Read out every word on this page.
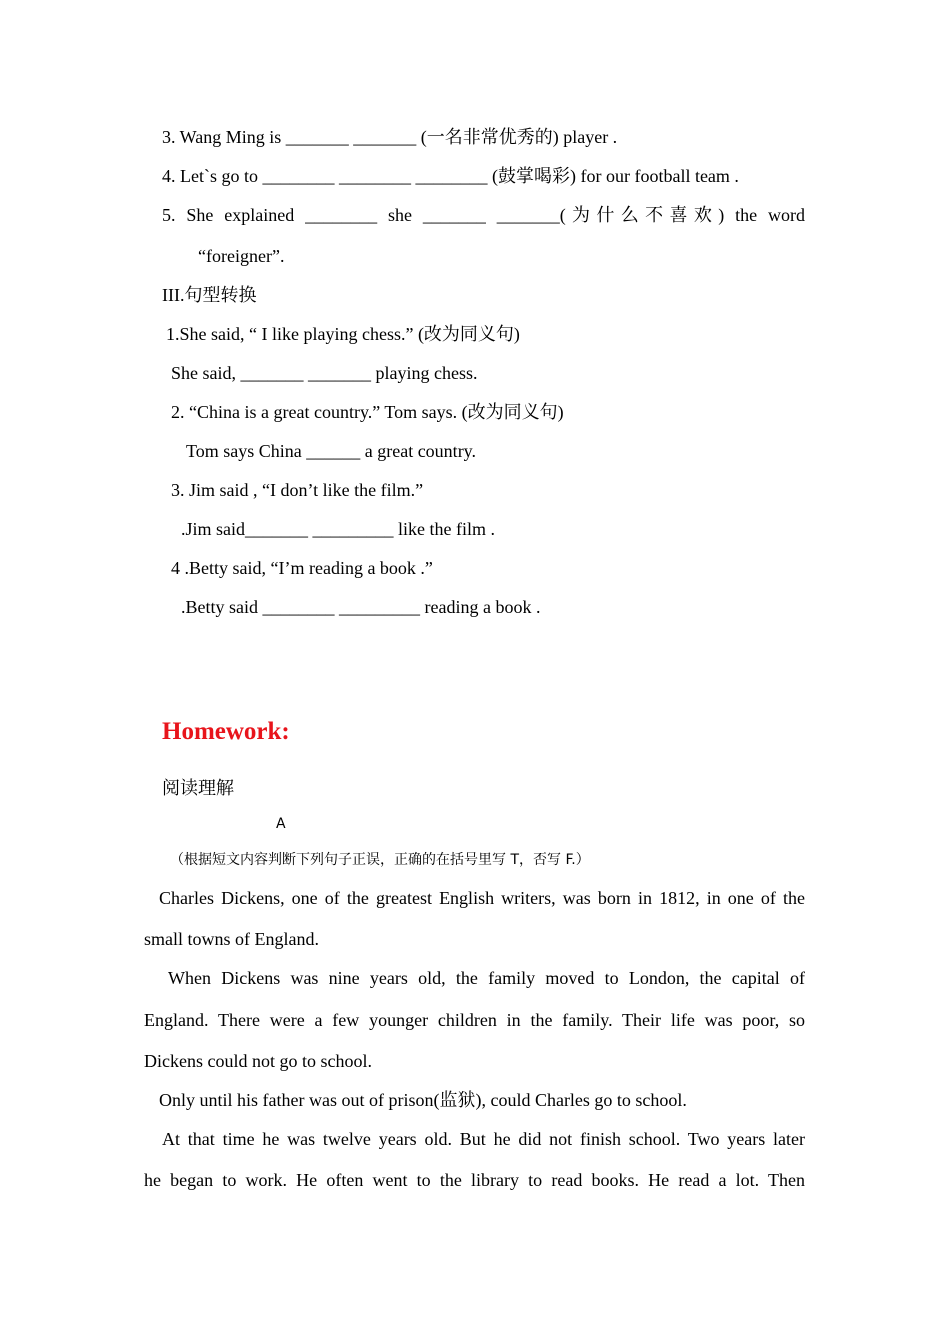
3. Wang Ming is _______ _______ (一名非常优秀的) player .
4. Let`s go to ________ ________ ________ (鼓掌喝彩) for our football team .
5. She explained ________ she _______ _______(为什么不喜欢) the word
“foreigner”.
III.句型转换
1.She said, “ I like playing chess.” (改为同义句)
She said, _______ _______ playing chess.
2. “China is a great country.” Tom says. (改为同义句)
Tom says China ______ a great country.
3. Jim said , “I don’t like the film.”
.Jim said_______ _________ like the film .
4 .Betty said, “I’m reading a book .”
.Betty said ________ _________ reading a book .
Homework:
阅读理解
A
（根据短文内容判断下列句子正误，正确的在括号里写 T，否写 F.）
Charles Dickens, one of the greatest English writers, was born in 1812, in one of the
small towns of England.
When Dickens was nine years old, the family moved to London, the capital of
England. There were a few younger children in the family. Their life was poor, so
Dickens could not go to school.
Only until his father was out of prison(监狱), could Charles go to school.
At that time he was twelve years old. But he did not finish school. Two years later
he began to work. He often went to the library to read books. He read a lot. Then
